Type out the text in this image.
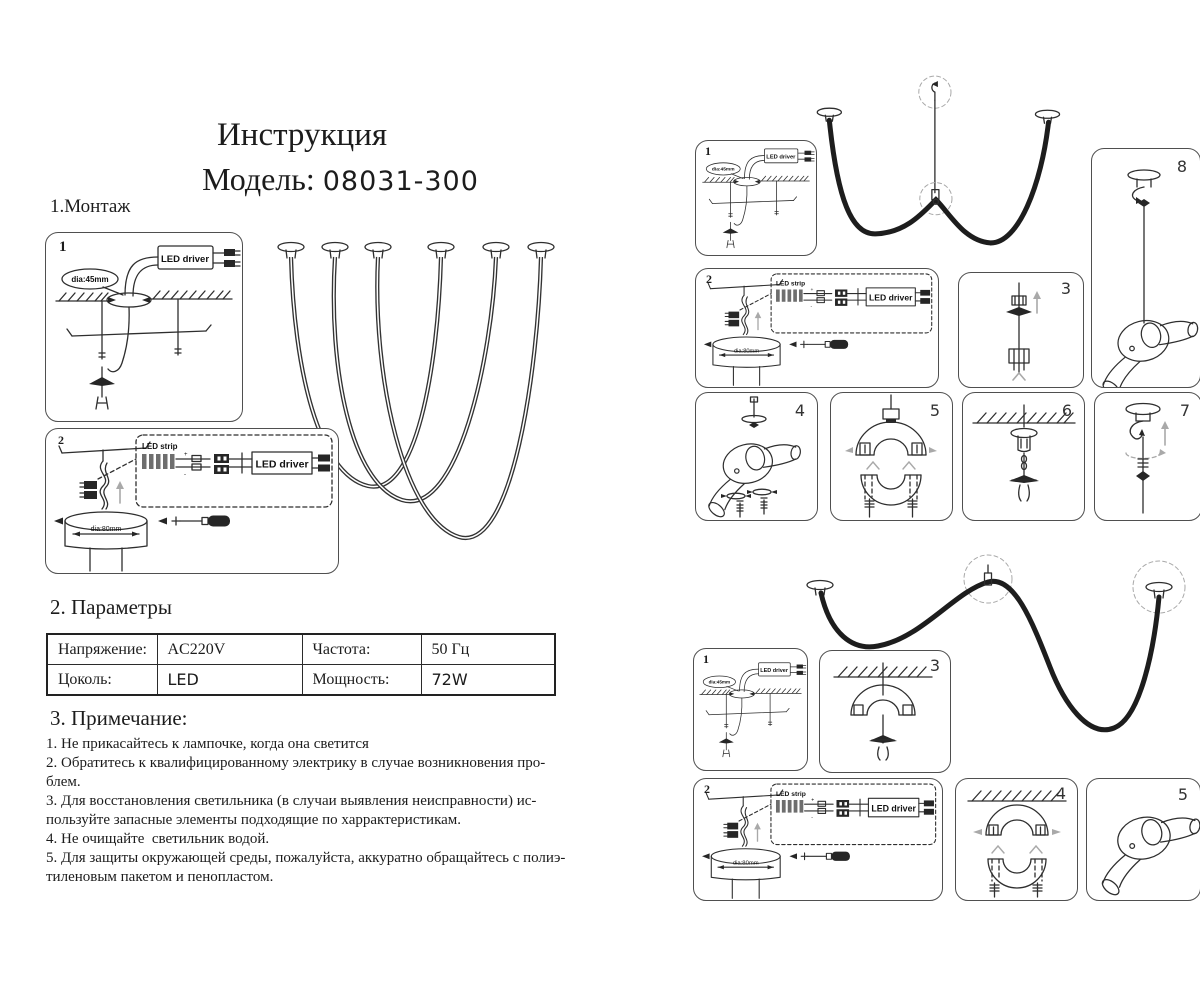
Инструкция
Модель: 08031-300
1.Монтаж
1
2
2. Параметры
Напряжение:	AC220V	Частота:	50 Гц
Цоколь:	LED	Мощность:	72W
3. Примечание:
1. Не прикасайтесь к лампочке, когда она светится
2. Обратитесь к квалифицированному электрику в случае возникновения про-
блем.
3. Для восстановления светильника (в случаи выявления неисправности) ис-
пользуйте запасные элементы подходящие по харрактеристикам.
4. Не очищайте  светильник водой.
5. Для защиты окружающей среды, пожалуйста, аккуратно обращайтесь с полиэ-
тиленовым пакетом и пенопластом.
1
8
2	3
4	5	6	7
1	3
2	4	5
